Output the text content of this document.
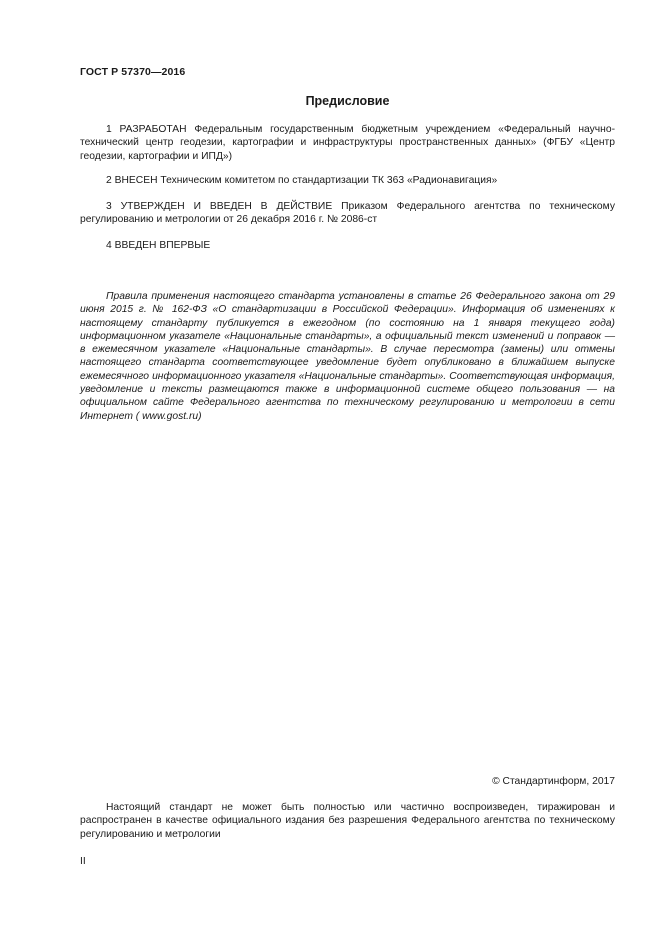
ГОСТ Р 57370—2016
Предисловие

1 РАЗРАБОТАН Федеральным государственным бюджетным учреждением «Федеральный научно-технический центр геодезии, картографии и инфраструктуры пространственных данных» (ФГБУ «Центр геодезии, картографии и ИПД»)

2 ВНЕСЕН Техническим комитетом по стандартизации ТК 363 «Радионавигация»

3 УТВЕРЖДЕН И ВВЕДЕН В ДЕЙСТВИЕ Приказом Федерального агентства по техническому регулированию и метрологии от 26 декабря 2016 г. № 2086-ст

4 ВВЕДЕН ВПЕРВЫЕ

Правила применения настоящего стандарта установлены в статье 26 Федерального закона от 29 июня 2015 г. № 162-ФЗ «О стандартизации в Российской Федерации». Информация об изменениях к настоящему стандарту публикуется в ежегодном (по состоянию на 1 января текущего года) информационном указателе «Национальные стандарты», а официальный текст изменений и поправок — в ежемесячном указателе «Национальные стандарты». В случае пересмотра (замены) или отмены настоящего стандарта соответствующее уведомление будет опубликовано в ближайшем выпуске ежемесячного информационного указателя «Национальные стандарты». Соответствующая информация, уведомление и тексты размещаются также в информационной системе общего пользования — на официальном сайте Федерального агентства по техническому регулированию и метрологии в сети Интернет ( www.gost.ru)

© Стандартинформ, 2017

Настоящий стандарт не может быть полностью или частично воспроизведен, тиражирован и распространен в качестве официального издания без разрешения Федерального агентства по техническому регулированию и метрологии

II
